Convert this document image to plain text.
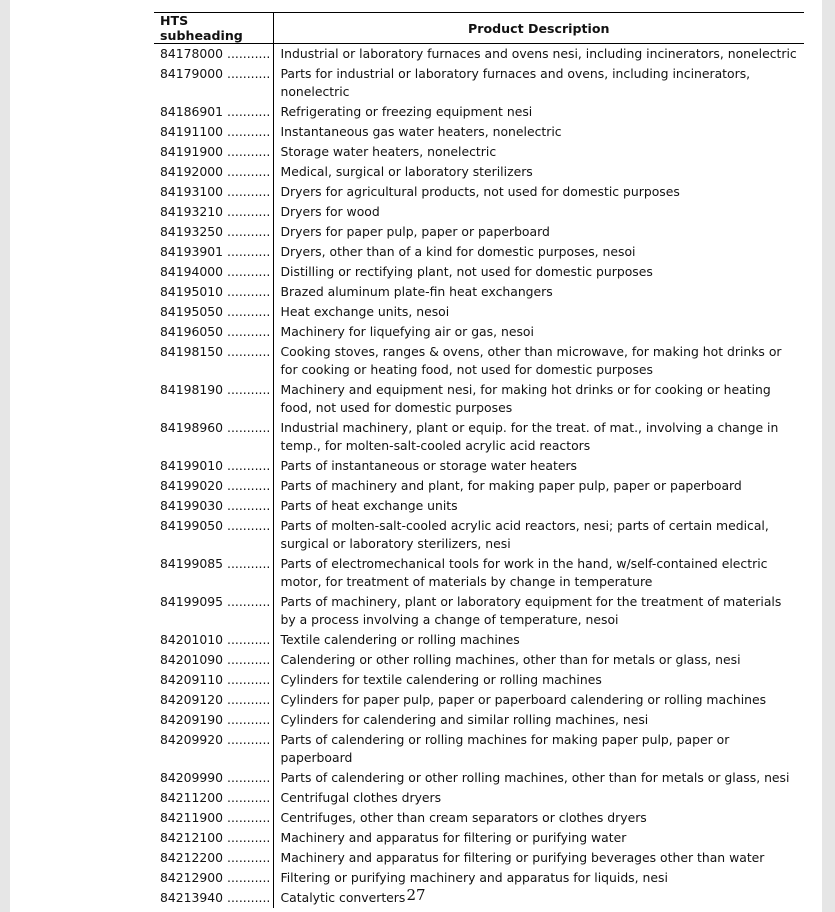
HTS subheading	Product Description
84178000 ...........	Industrial or laboratory furnaces and ovens nesi, including incinerators, nonelectric
84179000 ...........	Parts for industrial or laboratory furnaces and ovens, including incinerators, nonelectric
84186901 ...........	Refrigerating or freezing equipment nesi
84191100 ...........	Instantaneous gas water heaters, nonelectric
84191900 ...........	Storage water heaters, nonelectric
84192000 ...........	Medical, surgical or laboratory sterilizers
84193100 ...........	Dryers for agricultural products, not used for domestic purposes
84193210 ...........	Dryers for wood
84193250 ...........	Dryers for paper pulp, paper or paperboard
84193901 ...........	Dryers, other than of a kind for domestic purposes, nesoi
84194000 ...........	Distilling or rectifying plant, not used for domestic purposes
84195010 ...........	Brazed aluminum plate-fin heat exchangers
84195050 ...........	Heat exchange units, nesoi
84196050 ...........	Machinery for liquefying air or gas, nesoi
84198150 ...........	Cooking stoves, ranges & ovens, other than microwave, for making hot drinks or for cooking or heating food, not used for domestic purposes
84198190 ...........	Machinery and equipment nesi, for making hot drinks or for cooking or heating food, not used for domestic purposes
84198960 ...........	Industrial machinery, plant or equip. for the treat. of mat., involving a change in temp., for molten-salt-cooled acrylic acid reactors
84199010 ...........	Parts of instantaneous or storage water heaters
84199020 ...........	Parts of machinery and plant, for making paper pulp, paper or paperboard
84199030 ...........	Parts of heat exchange units
84199050 ...........	Parts of molten-salt-cooled acrylic acid reactors, nesi; parts of certain medical, surgical or laboratory sterilizers, nesi
84199085 ...........	Parts of electromechanical tools for work in the hand, w/self-contained electric motor, for treatment of materials by change in temperature
84199095 ...........	Parts of machinery, plant or laboratory equipment for the treatment of materials by a process involving a change of temperature, nesoi
84201010 ...........	Textile calendering or rolling machines
84201090 ...........	Calendering or other rolling machines, other than for metals or glass, nesi
84209110 ...........	Cylinders for textile calendering or rolling machines
84209120 ...........	Cylinders for paper pulp, paper or paperboard calendering or rolling machines
84209190 ...........	Cylinders for calendering and similar rolling machines, nesi
84209920 ...........	Parts of calendering or rolling machines for making paper pulp, paper or paperboard
84209990 ...........	Parts of calendering or other rolling machines, other than for metals or glass, nesi
84211200 ...........	Centrifugal clothes dryers
84211900 ...........	Centrifuges, other than cream separators or clothes dryers
84212100 ...........	Machinery and apparatus for filtering or purifying water
84212200 ...........	Machinery and apparatus for filtering or purifying beverages other than water
84212900 ...........	Filtering or purifying machinery and apparatus for liquids, nesi
84213940 ...........	Catalytic converters 27
